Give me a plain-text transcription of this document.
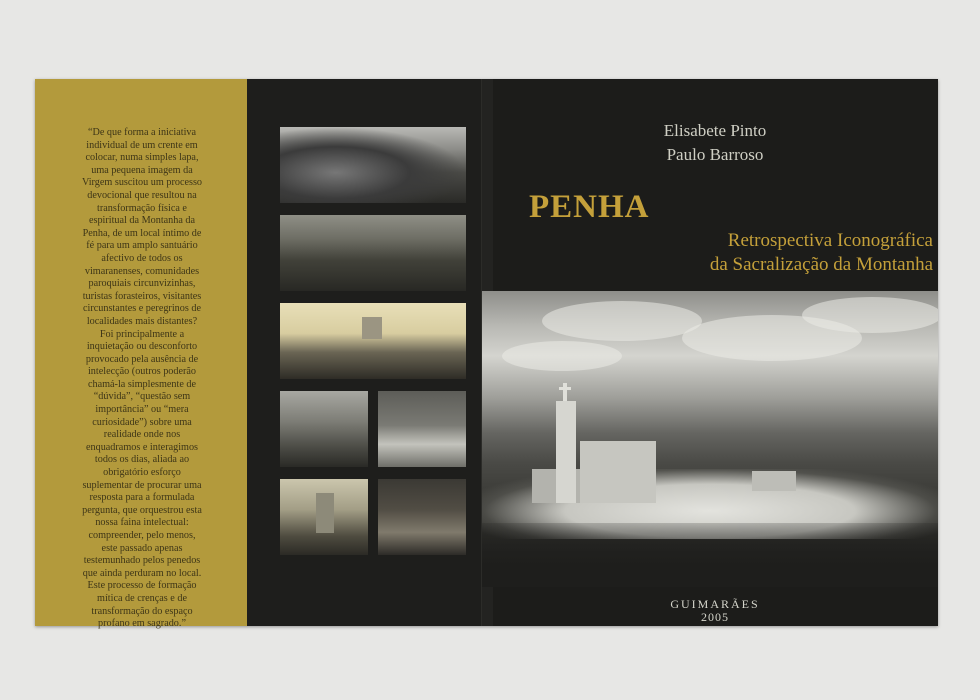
“De que forma a iniciativa
individual de um crente em
colocar, numa simples lapa,
uma pequena imagem da
Virgem suscitou um processo
devocional que resultou na
transformação física e
espiritual da Montanha da
Penha, de um local íntimo de
fé para um amplo santuário
afectivo de todos os
vimaranenses, comunidades
paroquiais circunvizinhas,
turistas forasteiros, visitantes
circunstantes e peregrinos de
localidades mais distantes?
Foi principalmente a
inquietação ou desconforto
provocado pela ausência de
intelecção (outros poderão
chamá-la simplesmente de
“dúvida”, “questão sem
importância” ou “mera
curiosidade”) sobre uma
realidade onde nos
enquadramos e interagimos
todos os dias, aliada ao
obrigatório esforço
suplementar de procurar uma
resposta para a formulada
pergunta, que orquestrou esta
nossa faina intelectual:
compreender, pelo menos,
este passado apenas
testemunhado pelos penedos
que ainda perduram no local.
Este processo de formação
mítica de crenças e de
transformação do espaço
profano em sagrado.”
Elisabete Pinto
Paulo Barroso
PENHA
Retrospectiva Iconográfica
da Sacralização da Montanha
GUIMARÃES
2005
